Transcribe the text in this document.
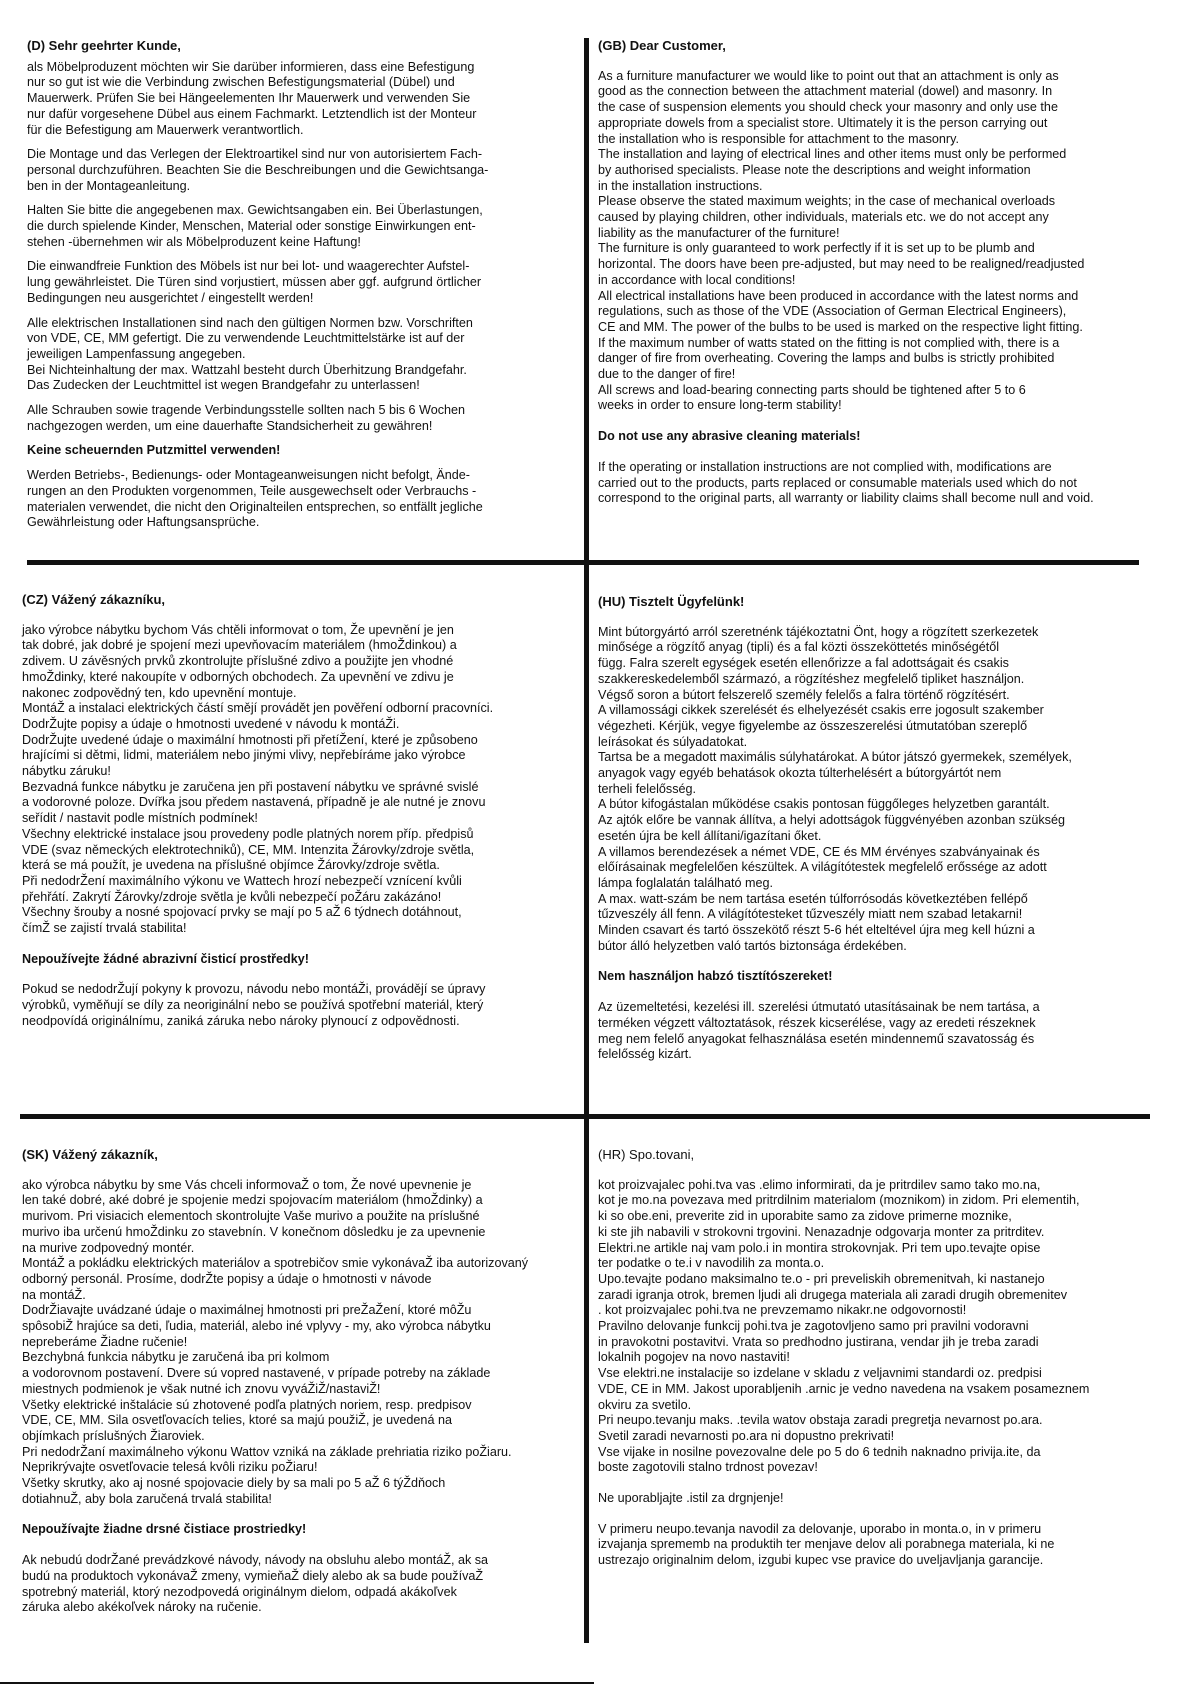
(D) Sehr geehrter Kunde,

als Möbelproduzent möchten wir Sie darüber informieren, dass eine Befestigung
nur so gut ist wie die Verbindung zwischen Befestigungsmaterial (Dübel) und
Mauerwerk. Prüfen Sie bei Hängeelementen Ihr Mauerwerk und verwenden Sie
nur dafür vorgesehene Dübel aus einem Fachmarkt. Letztendlich ist der Monteur
für die Befestigung am Mauerwerk verantwortlich.

Die Montage und das Verlegen der Elektroartikel sind nur von autorisiertem Fach-
personal durchzuführen. Beachten Sie die Beschreibungen und die Gewichtsanga-
ben in der Montageanleitung.

Halten Sie bitte die angegebenen max. Gewichtsangaben ein. Bei Überlastungen,
die durch spielende Kinder, Menschen, Material oder sonstige Einwirkungen ent-
stehen -übernehmen wir als Möbelproduzent keine Haftung!

Die einwandfreie Funktion des Möbels ist nur bei lot- und waagerechter Aufstel-
lung gewährleistet. Die Türen sind vorjustiert, müssen aber ggf. aufgrund örtlicher
Bedingungen neu ausgerichtet / eingestellt werden!

Alle elektrischen Installationen sind nach den gültigen Normen bzw. Vorschriften
von VDE, CE, MM gefertigt. Die zu verwendende Leuchtmittelstärke ist auf der
jeweiligen Lampenfassung angegeben.
Bei Nichteinhaltung der max. Wattzahl besteht durch Überhitzung Brandgefahr.
Das Zudecken der Leuchtmittel ist wegen Brandgefahr zu unterlassen!

Alle Schrauben sowie tragende Verbindungsstelle sollten nach 5 bis 6 Wochen
nachgezogen werden, um eine dauerhafte Standsicherheit zu gewähren!

Keine scheuernden Putzmittel verwenden!

Werden Betriebs-, Bedienungs- oder Montageanweisungen nicht befolgt, Ände-
rungen an den Produkten vorgenommen, Teile ausgewechselt oder Verbrauchs -
materialen verwendet, die nicht den Originalteilen entsprechen, so entfällt jegliche
Gewährleistung oder Haftungsansprüche.

(GB) Dear Customer,

As a furniture manufacturer we would like to point out that an attachment is only as
good as the connection between the attachment material (dowel) and masonry. In
the case of suspension elements you should check your masonry and only use the
appropriate dowels from a specialist store. Ultimately it is the person carrying out
the installation who is responsible for attachment to the masonry.
The installation and laying of electrical lines and other items must only be performed
by authorised specialists. Please note the descriptions and weight information
in the installation instructions.
Please observe the stated maximum weights; in the case of mechanical overloads
caused by playing children, other individuals, materials etc. we do not accept any
liability as the manufacturer of the furniture!
The furniture is only guaranteed to work perfectly if it is set up to be plumb and
horizontal. The doors have been pre-adjusted, but may need to be realigned/readjusted
in accordance with local conditions!
All electrical installations have been produced in accordance with the latest norms and
regulations, such as those of the VDE (Association of German Electrical Engineers),
CE and MM. The power of the bulbs to be used is marked on the respective light fitting.
If the maximum number of watts stated on the fitting is not complied with, there is a
danger of fire from overheating. Covering the lamps and bulbs is strictly prohibited
due to the danger of fire!
All screws and load-bearing connecting parts should be tightened after 5 to 6
weeks in order to ensure long-term stability!

Do not use any abrasive cleaning materials!

If the operating or installation instructions are not complied with, modifications are
carried out to the products, parts replaced or consumable materials used which do not
correspond to the original parts, all warranty or liability claims shall become null and void.

(CZ) Vážený zákazníku,

jako výrobce nábytku bychom Vás chtěli informovat o tom, Že upevnění je jen
tak dobré, jak dobré je spojení mezi upevňovacím materiálem (hmoŽdinkou) a
zdivem. U závěsných prvků zkontrolujte příslušné zdivo a použijte jen vhodné
hmoŽdinky, které nakoupíte v odborných obchodech. Za upevnění ve zdivu je
nakonec zodpovědný ten, kdo upevnění montuje.
MontáŽ a instalaci elektrických částí smějí provádět jen pověření odborní pracovníci.
DodrŽujte popisy a údaje o hmotnosti uvedené v návodu k montáŽi.
DodrŽujte uvedené údaje o maximální hmotnosti při přetíŽení, které je způsobeno
hrajícími si dětmi, lidmi, materiálem nebo jinými vlivy, nepřebíráme jako výrobce
nábytku záruku!
Bezvadná funkce nábytku je zaručena jen při postavení nábytku ve správné svislé
a vodorovné poloze. Dvířka jsou předem nastavená, případně je ale nutné je znovu
seřídit / nastavit podle místních podmínek!
Všechny elektrické instalace jsou provedeny podle platných norem příp. předpisů
VDE (svaz německých elektrotechniků), CE, MM. Intenzita Žárovky/zdroje světla,
která se má použít, je uvedena na příslušné objímce Žárovky/zdroje světla.
Při nedodrŽení maximálního výkonu ve Wattech hrozí nebezpečí vznícení kvůli
přehřátí. Zakrytí Žárovky/zdroje světla je kvůli nebezpečí poŽáru zakázáno!
Všechny šrouby a nosné spojovací prvky se mají po 5 aŽ 6 týdnech dotáhnout,
čímŽ se zajistí trvalá stabilita!

Nepoužívejte žádné abrazivní čisticí prostředky!

Pokud se nedodrŽují pokyny k provozu, návodu nebo montáŽi, provádějí se úpravy
výrobků, vyměňují se díly za neoriginální nebo se používá spotřební materiál, který
neodpovídá originálnímu, zaniká záruka nebo nároky plynoucí z odpovědnosti.

(HU) Tisztelt Ügyfelünk!

Mint bútorgyártó arról szeretnénk tájékoztatni Önt, hogy a rögzített szerkezetek
minősége a rögzítő anyag (tipli) és a fal közti összeköttetés minőségétől
függ. Falra szerelt egységek esetén ellenőrizze a fal adottságait és csakis
szakkereskedelemből származó, a rögzítéshez megfelelő tipliket használjon.
Végső soron a bútort felszerelő személy felelős a falra történő rögzítésért.
A villamossági cikkek szerelését és elhelyezését csakis erre jogosult szakember
végezheti. Kérjük, vegye figyelembe az összeszerelési útmutatóban szereplő
leírásokat és súlyadatokat.
Tartsa be a megadott maximális súlyhatárokat. A bútor játszó gyermekek, személyek,
anyagok vagy egyéb behatások okozta túlterhelésért a bútorgyártót nem
terheli felelősség.
A bútor kifogástalan működése csakis pontosan függőleges helyzetben garantált.
Az ajtók előre be vannak állítva, a helyi adottságok függvényében azonban szükség
esetén újra be kell állítani/igazítani őket.
A villamos berendezések a német VDE, CE és MM érvényes szabványainak és
előírásainak megfelelően készültek. A világítótestek megfelelő erőssége az adott
lámpa foglalatán található meg.
A max. watt-szám be nem tartása esetén túlforrósodás következtében fellépő
tűzveszély áll fenn. A világítótesteket tűzveszély miatt nem szabad letakarni!
Minden csavart és tartó összekötő részt 5-6 hét elteltével újra meg kell húzni a
bútor álló helyzetben való tartós biztonsága érdekében.

Nem használjon habzó tisztítószereket!

Az üzemeltetési, kezelési ill. szerelési útmutató utasításainak be nem tartása, a
terméken végzett változtatások, részek kicserélése, vagy az eredeti részeknek
meg nem felelő anyagokat felhasználása esetén mindennemű szavatosság és
felelősség kizárt.

(SK) Vážený zákazník,

ako výrobca nábytku by sme Vás chceli informovaŽ o tom, Že nové upevnenie je
len také dobré, aké dobré je spojenie medzi spojovacím materiálom (hmoŽdinky) a
murivom. Pri visiacich elementoch skontrolujte Vaše murivo a použite na príslušné
murivo iba určenú hmoŽdinku zo stavebnín. V konečnom dôsledku je za upevnenie
na murive zodpovedný montér.
MontáŽ a pokládku elektrických materiálov a spotrebičov smie vykonávaŽ iba autorizovaný
odborný personál. Prosíme, dodrŽte popisy a údaje o hmotnosti v návode
na montáŽ.
DodrŽiavajte uvádzané údaje o maximálnej hmotnosti pri preŽaŽení, ktoré môŽu
spôsobiŽ hrajúce sa deti, ľudia, materiál, alebo iné vplyvy - my, ako výrobca nábytku
nepreberáme Žiadne ručenie!
Bezchybná funkcia nábytku je zaručená iba pri kolmom
a vodorovnom postavení. Dvere sú vopred nastavené, v prípade potreby na základe
miestnych podmienok je však nutné ich znovu vyváŽiŽ/nastaviŽ!
Všetky elektrické inštalácie sú zhotovené podľa platných noriem, resp. predpisov
VDE, CE, MM. Sila osvetľovacích telies, ktoré sa majú použiŽ, je uvedená na
objímkach príslušných Žiaroviek.
Pri nedodrŽaní maximálneho výkonu Wattov vzniká na základe prehriatia riziko poŽiaru.
Neprikrývajte osvetľovacie telesá kvôli riziku poŽiaru!
Všetky skrutky, ako aj nosné spojovacie diely by sa mali po 5 aŽ 6 týŽdňoch
dotiahnuŽ, aby bola zaručená trvalá stabilita!

Nepoužívajte žiadne drsné čistiace prostriedky!

Ak nebudú dodrŽané prevádzkové návody, návody na obsluhu alebo montáŽ, ak sa
budú na produktoch vykonávaŽ zmeny, vymieňaŽ diely alebo ak sa bude používaŽ
spotrebný materiál, ktorý nezodpovedá originálnym dielom, odpadá akákoľvek
záruka alebo akékoľvek nároky na ručenie.

(HR) Spo.tovani,

kot proizvajalec pohi.tva vas .elimo informirati, da je pritrdilev samo tako mo.na,
kot je mo.na povezava med pritrdilnim materialom (moznikom) in zidom. Pri elementih,
ki so obe.eni, preverite zid in uporabite samo za zidove primerne moznike,
ki ste jih nabavili v strokovni trgovini. Nenazadnje odgovarja monter za pritrditev.
Elektri.ne artikle naj vam polo.i in montira strokovnjak. Pri tem upo.tevajte opise
ter podatke o te.i v navodilih za monta.o.
Upo.tevajte podano maksimalno te.o - pri preveliskih obremenitvah, ki nastanejo
zaradi igranja otrok, bremen ljudi ali drugega materiala ali zaradi drugih obremenitev
. kot proizvajalec pohi.tva ne prevzemamo nikakr.ne odgovornosti!
Pravilno delovanje funkcij pohi.tva je zagotovljeno samo pri pravilni vodoravni
in pravokotni postavitvi. Vrata so predhodno justirana, vendar jih je treba zaradi
lokalnih pogojev na novo nastaviti!
Vse elektri.ne instalacije so izdelane v skladu z veljavnimi standardi oz. predpisi
VDE, CE in MM. Jakost uporabljenih .arnic je vedno navedena na vsakem posameznem
okviru za svetilo.
Pri neupo.tevanju maks. .tevila watov obstaja zaradi pregretja nevarnost po.ara.
Svetil zaradi nevarnosti po.ara ni dopustno prekrivati!
Vse vijake in nosilne povezovalne dele po 5 do 6 tednih naknadno privija.ite, da
boste zagotovili stalno trdnost povezav!

Ne uporabljajte .istil za drgnjenje!

V primeru neupo.tevanja navodil za delovanje, uporabo in monta.o, in v primeru
izvajanja sprememb na produktih ter menjave delov ali porabnega materiala, ki ne
ustrezajo originalnim delom, izgubi kupec vse pravice do uveljavljanja garancije.
